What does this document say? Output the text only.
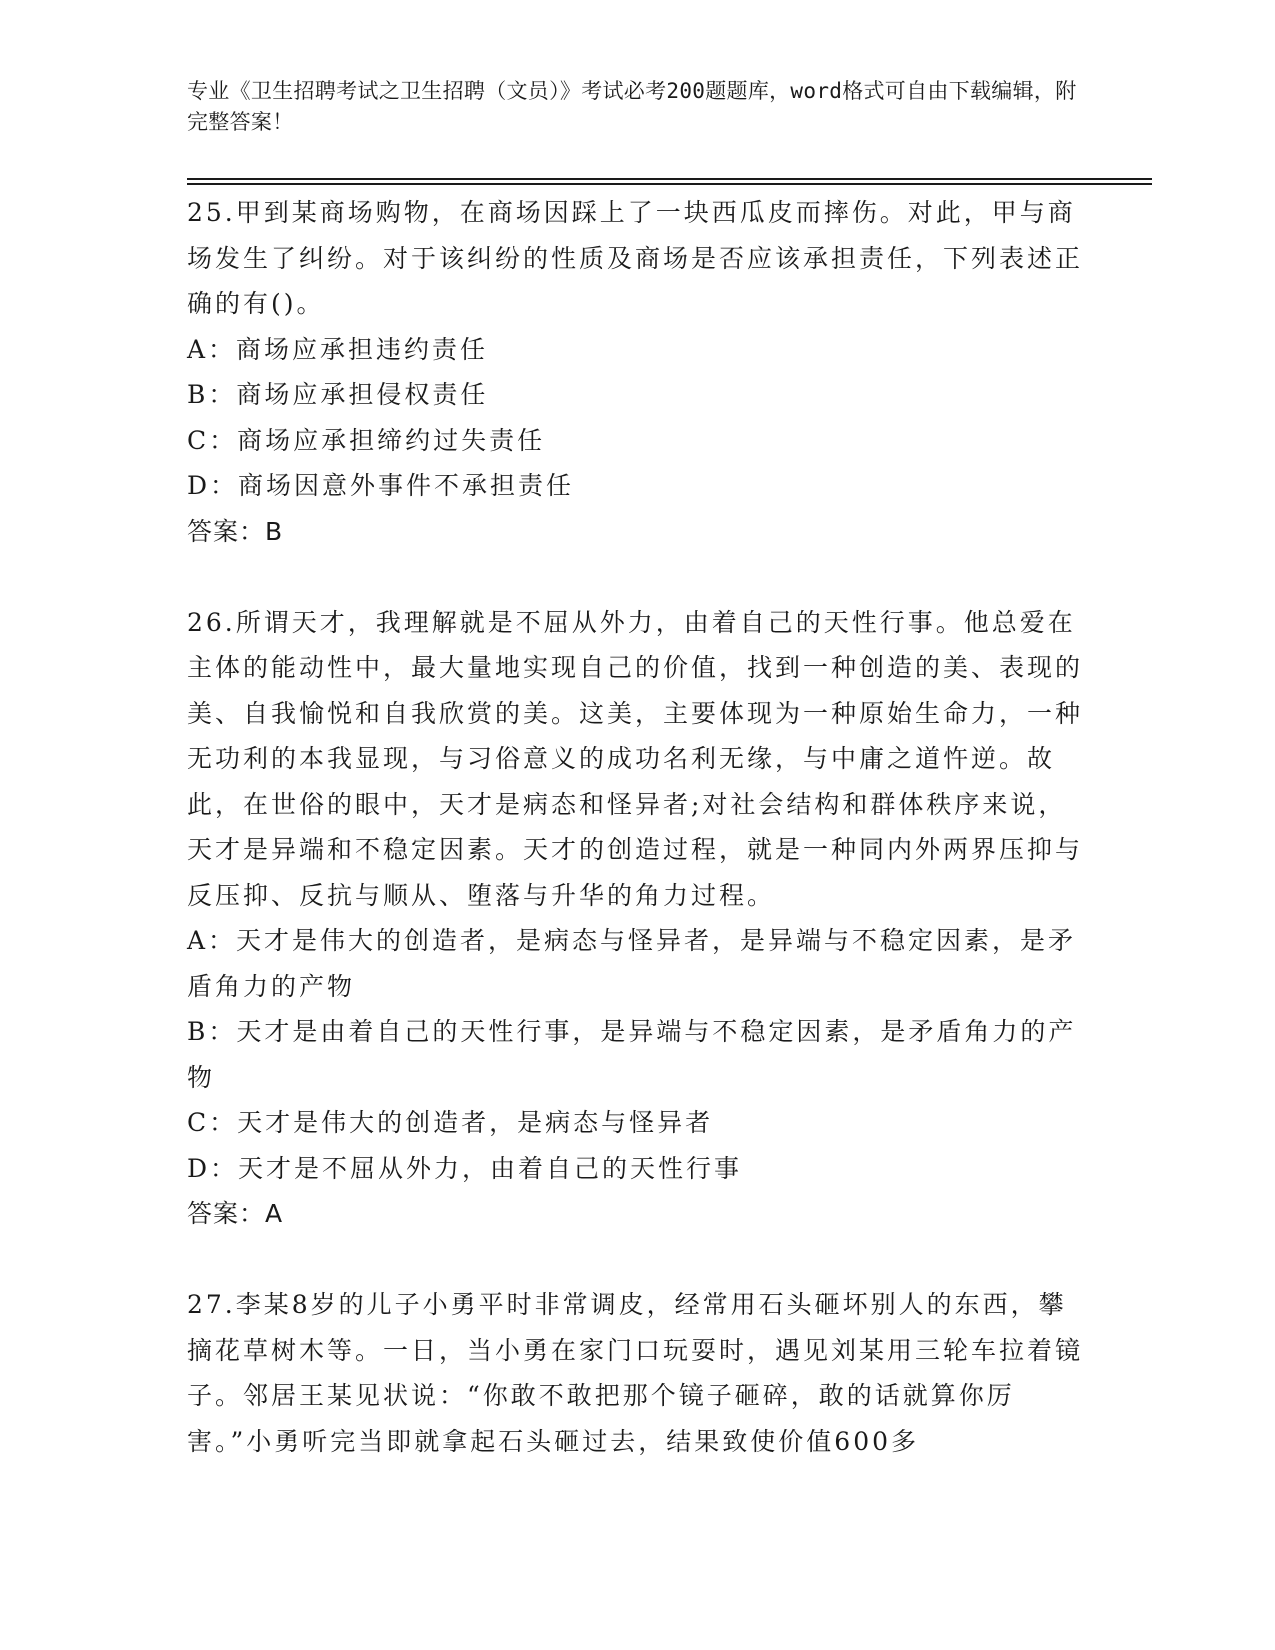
专业《卫生招聘考试之卫生招聘（文员）》考试必考200题题库，word格式可自由下载编辑，附完整答案！

25.甲到某商场购物，在商场因踩上了一块西瓜皮而摔伤。对此，甲与商场发生了纠纷。对于该纠纷的性质及商场是否应该承担责任，下列表述正确的有()。

A：商场应承担违约责任

B：商场应承担侵权责任

C：商场应承担缔约过失责任

D：商场因意外事件不承担责任

答案：B

26.所谓天才，我理解就是不屈从外力，由着自己的天性行事。他总爱在主体的能动性中，最大量地实现自己的价值，找到一种创造的美、表现的美、自我愉悦和自我欣赏的美。这美，主要体现为一种原始生命力，一种无功利的本我显现，与习俗意义的成功名利无缘，与中庸之道忤逆。故此，在世俗的眼中，天才是病态和怪异者;对社会结构和群体秩序来说，天才是异端和不稳定因素。天才的创造过程，就是一种同内外两界压抑与反压抑、反抗与顺从、堕落与升华的角力过程。

A：天才是伟大的创造者，是病态与怪异者，是异端与不稳定因素，是矛盾角力的产物

B：天才是由着自己的天性行事，是异端与不稳定因素，是矛盾角力的产物

C：天才是伟大的创造者，是病态与怪异者

D：天才是不屈从外力，由着自己的天性行事

答案：A

27.李某8岁的儿子小勇平时非常调皮，经常用石头砸坏别人的东西，攀摘花草树木等。一日，当小勇在家门口玩耍时，遇见刘某用三轮车拉着镜子。邻居王某见状说：“你敢不敢把那个镜子砸碎，敢的话就算你厉害。”小勇听完当即就拿起石头砸过去，结果致使价值600多
